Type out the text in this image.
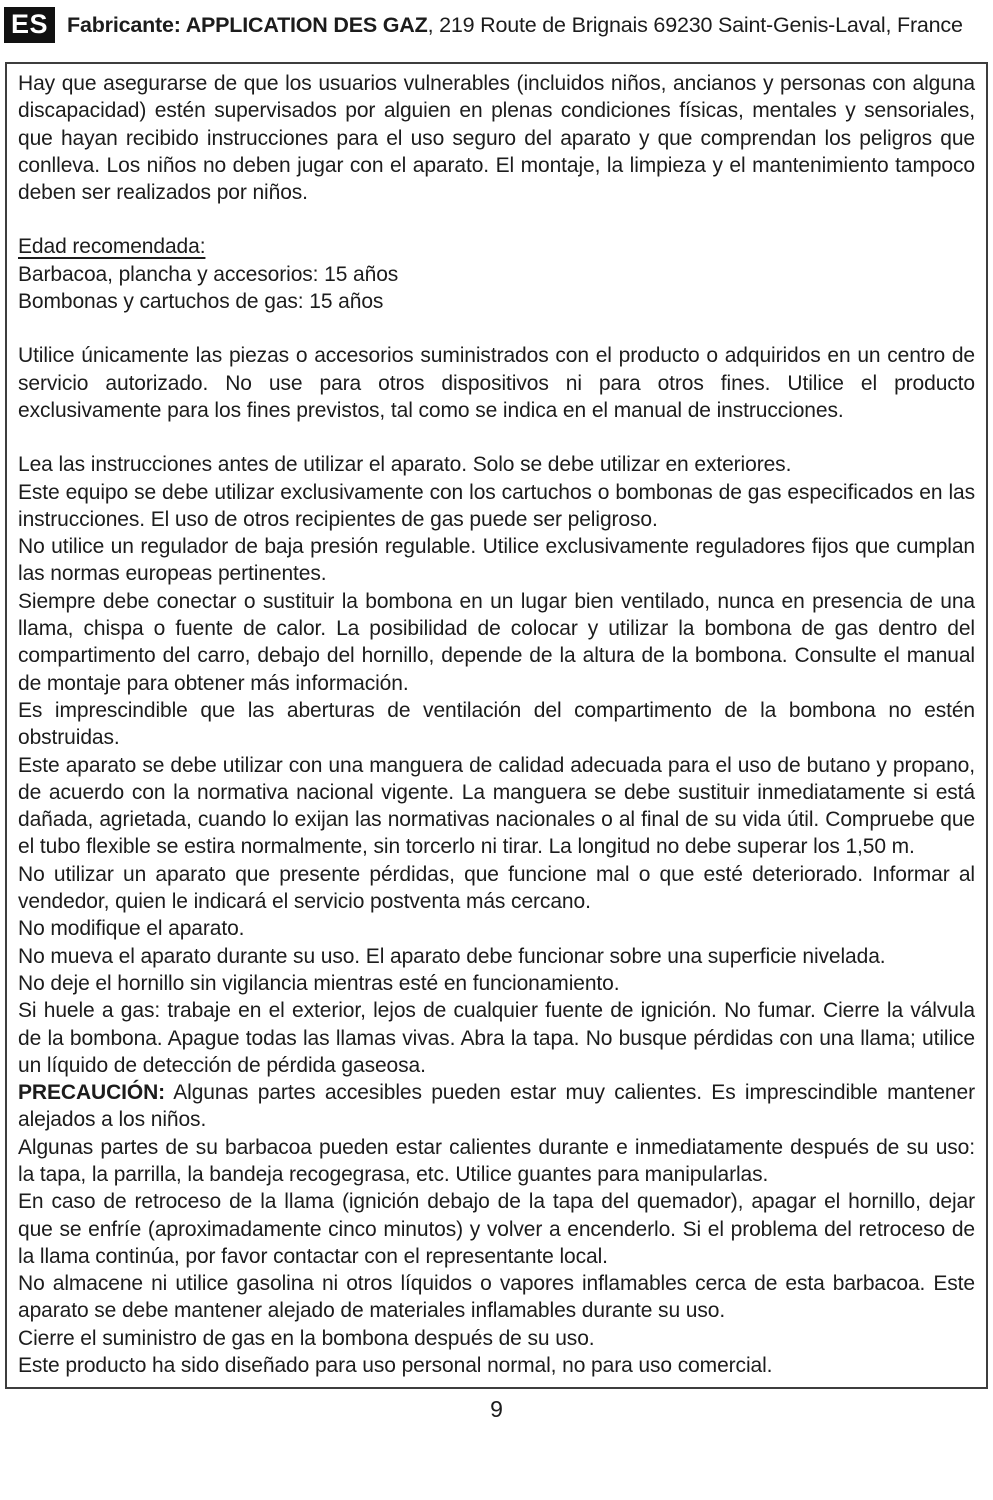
ES Fabricante: APPLICATION DES GAZ, 219 Route de Brignais 69230 Saint-Genis-Laval, France

Hay que asegurarse de que los usuarios vulnerables (incluidos niños, ancianos y personas con alguna discapacidad) estén supervisados por alguien en plenas condiciones físicas, mentales y sensoriales, que hayan recibido instrucciones para el uso seguro del aparato y que comprendan los peligros que conlleva. Los niños no deben jugar con el aparato. El montaje, la limpieza y el mantenimiento tampoco deben ser realizados por niños.

Edad recomendada:

Barbacoa, plancha y accesorios: 15 años

Bombonas y cartuchos de gas: 15 años

Utilice únicamente las piezas o accesorios suministrados con el producto o adquiridos en un centro de servicio autorizado. No use para otros dispositivos ni para otros fines. Utilice el producto exclusivamente para los fines previstos, tal como se indica en el manual de instrucciones.

Lea las instrucciones antes de utilizar el aparato. Solo se debe utilizar en exteriores.

Este equipo se debe utilizar exclusivamente con los cartuchos o bombonas de gas especificados en las instrucciones. El uso de otros recipientes de gas puede ser peligroso.

No utilice un regulador de baja presión regulable. Utilice exclusivamente reguladores fijos que cumplan las normas europeas pertinentes.

Siempre debe conectar o sustituir la bombona en un lugar bien ventilado, nunca en presencia de una llama, chispa o fuente de calor. La posibilidad de colocar y utilizar la bombona de gas dentro del compartimento del carro, debajo del hornillo, depende de la altura de la bombona. Consulte el manual de montaje para obtener más información.

Es imprescindible que las aberturas de ventilación del compartimento de la bombona no estén obstruidas.

Este aparato se debe utilizar con una manguera de calidad adecuada para el uso de butano y propano, de acuerdo con la normativa nacional vigente. La manguera se debe sustituir inmediatamente si está dañada, agrietada, cuando lo exijan las normativas nacionales o al final de su vida útil. Compruebe que el tubo flexible se estira normalmente, sin torcerlo ni tirar. La longitud no debe superar los 1,50 m.

No utilizar un aparato que presente pérdidas, que funcione mal o que esté deteriorado. Informar al vendedor, quien le indicará el servicio postventa más cercano.

No modifique el aparato.

No mueva el aparato durante su uso. El aparato debe funcionar sobre una superficie nivelada.

No deje el hornillo sin vigilancia mientras esté en funcionamiento.

Si huele a gas: trabaje en el exterior, lejos de cualquier fuente de ignición. No fumar. Cierre la válvula de la bombona. Apague todas las llamas vivas. Abra la tapa. No busque pérdidas con una llama; utilice un líquido de detección de pérdida gaseosa.

PRECAUCIÓN: Algunas partes accesibles pueden estar muy calientes. Es imprescindible mantener alejados a los niños.

Algunas partes de su barbacoa pueden estar calientes durante e inmediatamente después de su uso: la tapa, la parrilla, la bandeja recogegrasa, etc. Utilice guantes para manipularlas.

En caso de retroceso de la llama (ignición debajo de la tapa del quemador), apagar el hornillo, dejar que se enfríe (aproximadamente cinco minutos) y volver a encenderlo. Si el problema del retroceso de la llama continúa, por favor contactar con el representante local.

No almacene ni utilice gasolina ni otros líquidos o vapores inflamables cerca de esta barbacoa. Este aparato se debe mantener alejado de materiales inflamables durante su uso.

Cierre el suministro de gas en la bombona después de su uso.

Este producto ha sido diseñado para uso personal normal, no para uso comercial.

9
